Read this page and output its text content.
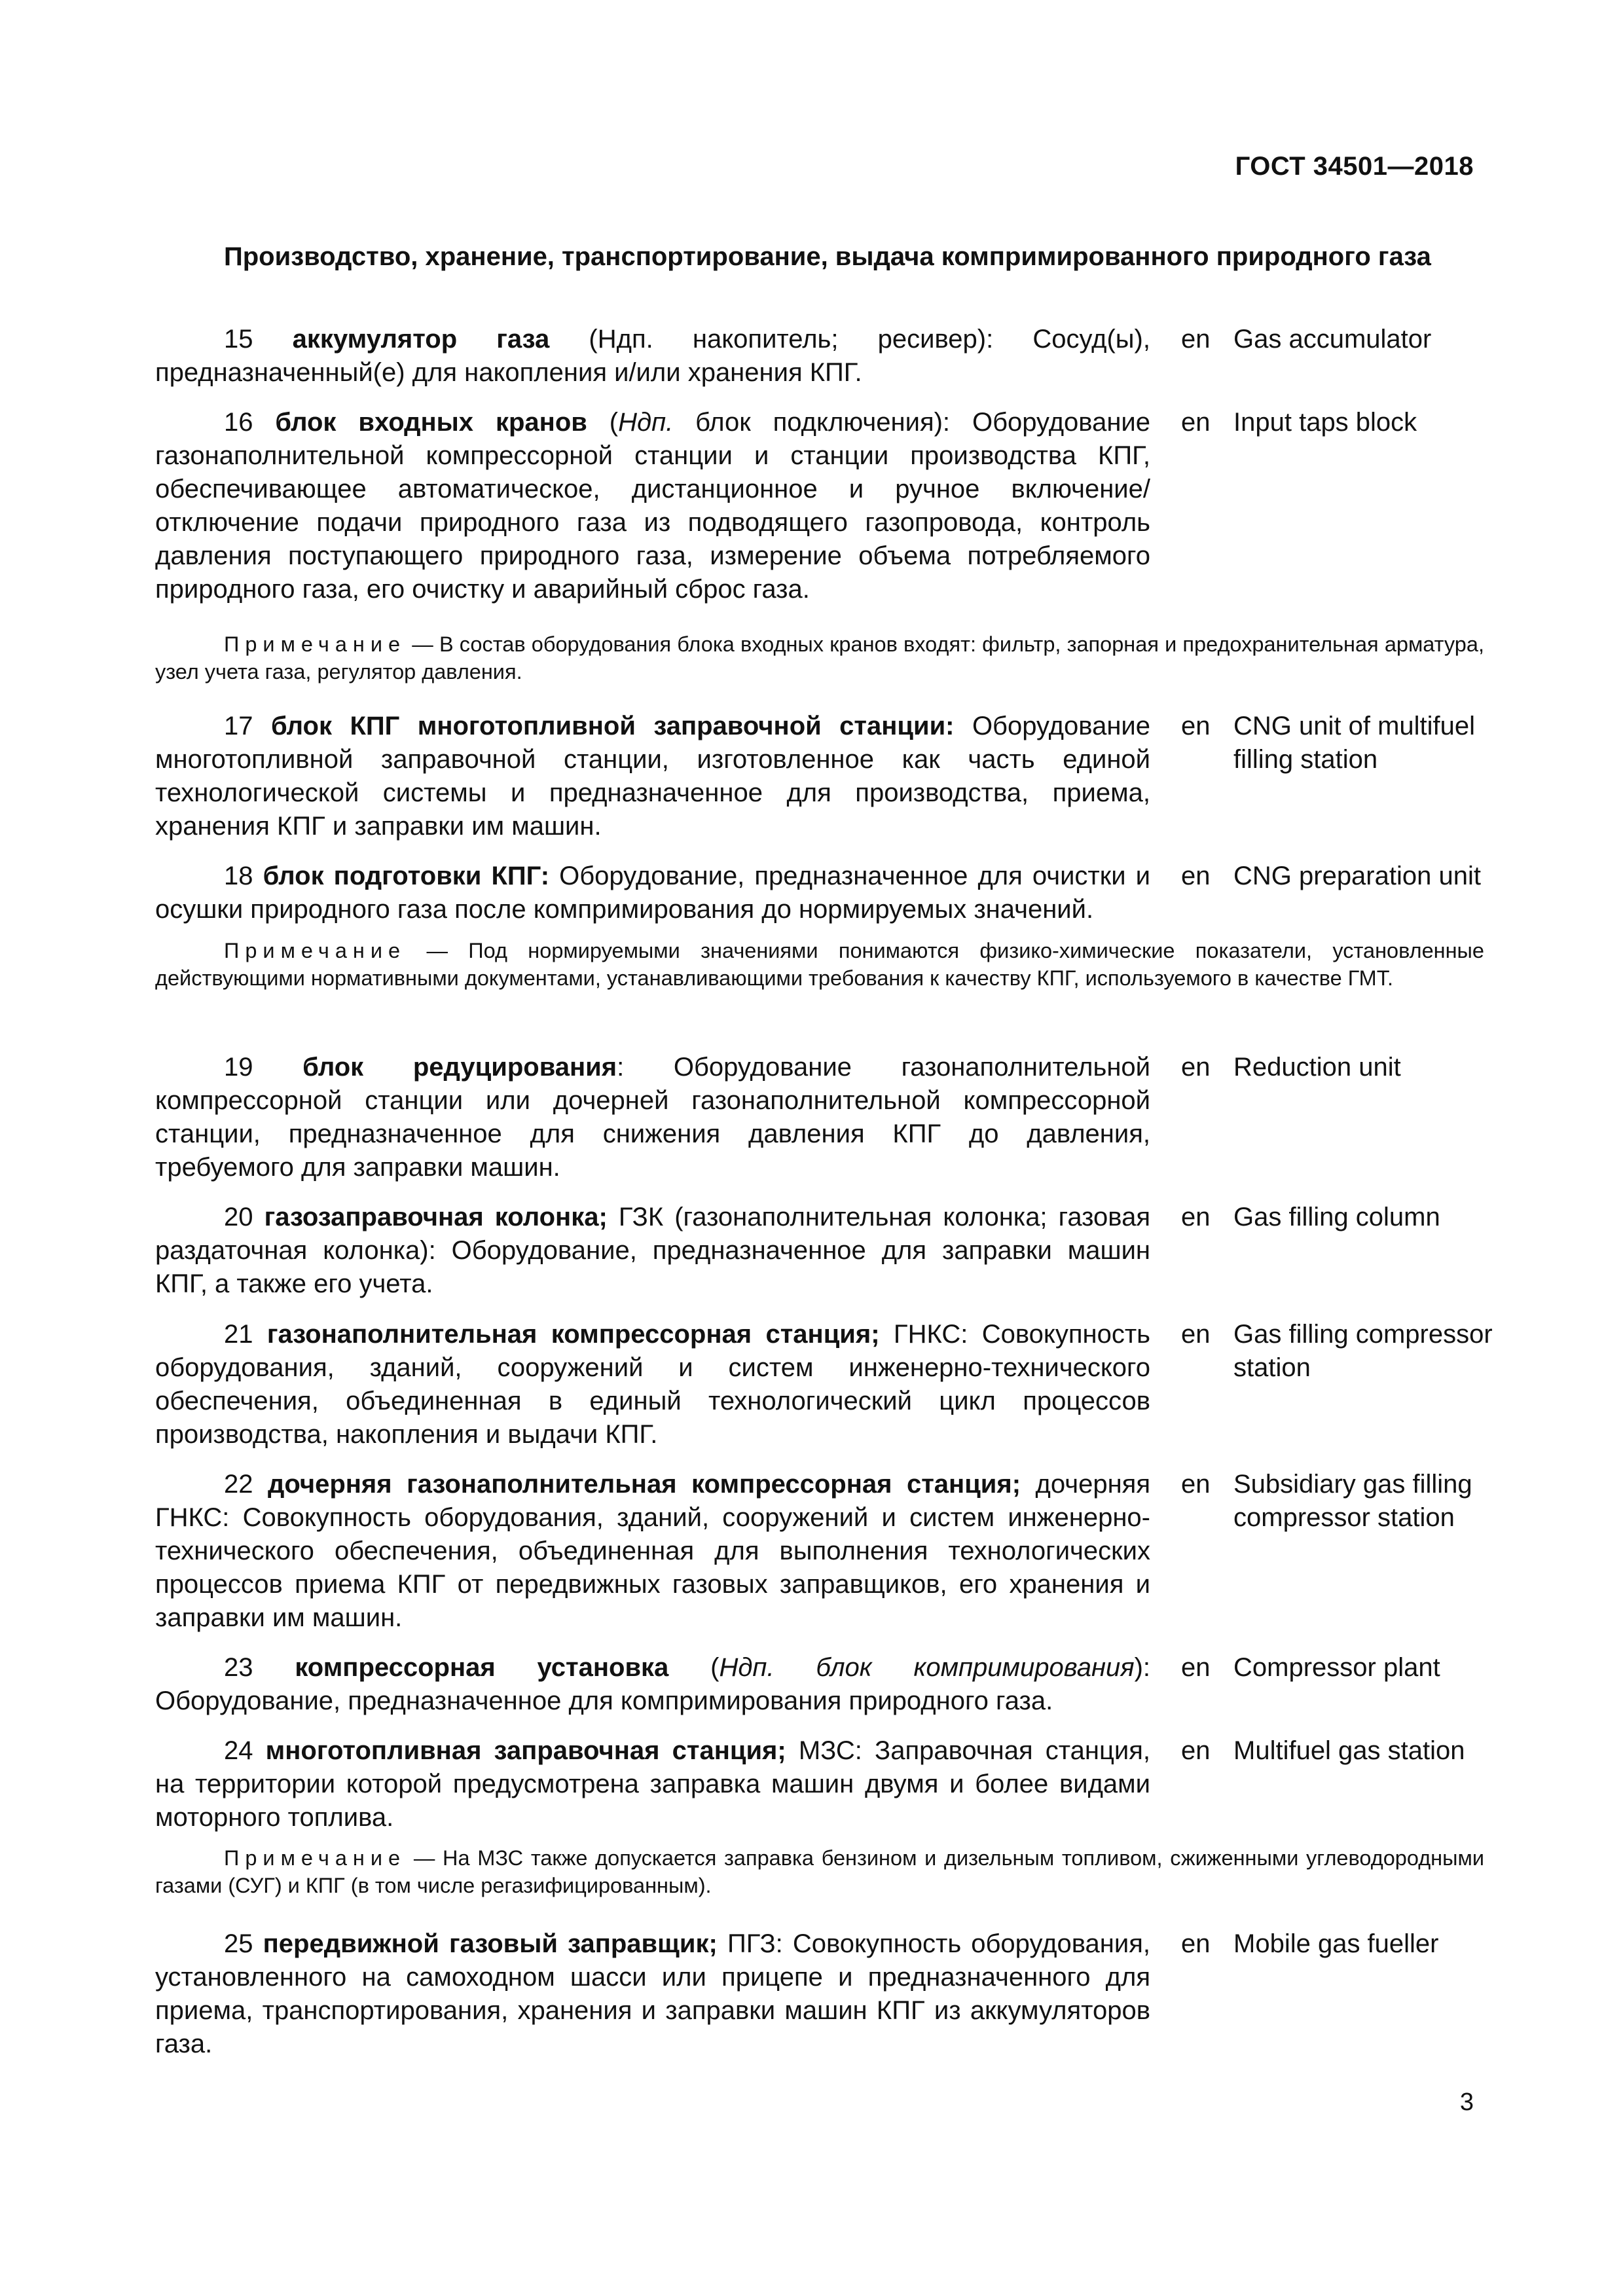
ГОСТ 34501—2018
Производство, хранение, транспортирование, выдача компримированного природного газа
15 аккумулятор газа (Ндп. накопитель; ресивер): Сосуд(ы), предназначенный(е) для накопления и/или хранения КПГ.
en Gas accumulator
16 блок входных кранов (Ндп. блок подключения): Оборудование газонаполнительной компрессорной станции и станции производства КПГ, обеспечивающее автоматическое, дистанционное и ручное включение/отключение подачи природного газа из подводящего газопровода, контроль давления поступающего природного газа, измерение объема потребляемого природного газа, его очистку и аварийный сброс газа.
en Input taps block
Примечание — В состав оборудования блока входных кранов входят: фильтр, запорная и предохранительная арматура, узел учета газа, регулятор давления.
17 блок КПГ многотопливной заправочной станции: Оборудование многотопливной заправочной станции, изготовленное как часть единой технологической системы и предназначенное для производства, приема, хранения КПГ и заправки им машин.
en CNG unit of multifuel filling station
18 блок подготовки КПГ: Оборудование, предназначенное для очистки и осушки природного газа после компримирования до нормируемых значений.
en CNG preparation unit
Примечание — Под нормируемыми значениями понимаются физико-химические показатели, установленные действующими нормативными документами, устанавливающими требования к качеству КПГ, используемого в качестве ГМТ.
19 блок редуцирования: Оборудование газонаполнительной компрессорной станции или дочерней газонаполнительной компрессорной станции, предназначенное для снижения давления КПГ до давления, требуемого для заправки машин.
en Reduction unit
20 газозаправочная колонка; ГЗК (газонаполнительная колонка; газовая раздаточная колонка): Оборудование, предназначенное для заправки машин КПГ, а также его учета.
en Gas filling column
21 газонаполнительная компрессорная станция; ГНКС: Совокупность оборудования, зданий, сооружений и систем инженерно-технического обеспечения, объединенная в единый технологический цикл процессов производства, накопления и выдачи КПГ.
en Gas filling compressor station
22 дочерняя газонаполнительная компрессорная станция; дочерняя ГНКС: Совокупность оборудования, зданий, сооружений и систем инженерно-технического обеспечения, объединенная для выполнения технологических процессов приема КПГ от передвижных газовых заправщиков, его хранения и заправки им машин.
en Subsidiary gas filling compressor station
23 компрессорная установка (Ндп. блок компримирования): Оборудование, предназначенное для компримирования природного газа.
en Compressor plant
24 многотопливная заправочная станция; МЗС: Заправочная станция, на территории которой предусмотрена заправка машин двумя и более видами моторного топлива.
en Multifuel gas station
Примечание — На МЗС также допускается заправка бензином и дизельным топливом, сжиженными углеводородными газами (СУГ) и КПГ (в том числе регазифицированным).
25 передвижной газовый заправщик; ПГЗ: Совокупность оборудования, установленного на самоходном шасси или прицепе и предназначенного для приема, транспортирования, хранения и заправки машин КПГ из аккумуляторов газа.
en Mobile gas fueller
3
